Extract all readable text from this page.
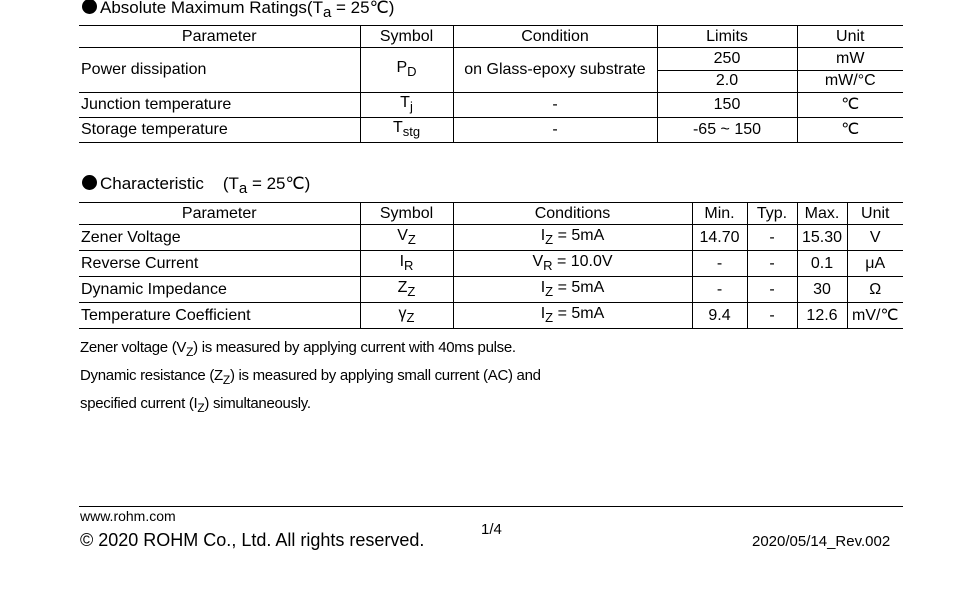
Absolute Maximum Ratings(Ta = 25℃)
Parameter	Symbol	Condition	Limits	Unit
Power dissipation	$P_D$	on Glass-epoxy substrate	250	mW
			2.0	mW/°C
Junction temperature	$T_j$	-	150	℃
Storage temperature	$T_{stg}$	-	-65 ~ 150	℃
Characteristic (Ta = 25℃)
Parameter	Symbol	Conditions	Min.	Typ.	Max.	Unit
Zener Voltage	$V_Z$	$I_Z = 5mA$	14.70	-	15.30	V
Reverse Current	$I_R$	$V_R = 10.0V$	-	-	0.1	μA
Dynamic Impedance	$Z_Z$	$I_Z = 5mA$	-	-	30	Ω
Temperature Coefficient	$\gamma_Z$	$I_Z = 5mA$	9.4	-	12.6	mV/℃
Zener voltage $(V_Z)$ is measured by applying current with 40ms pulse.
Dynamic resistance $(Z_Z)$ is measured by applying small current (AC) and
specified current $(I_Z)$ simultaneously.
www.rohm.com
© 2020 ROHM Co., Ltd. All rights reserved.
1/4
2020/05/14_Rev.002
